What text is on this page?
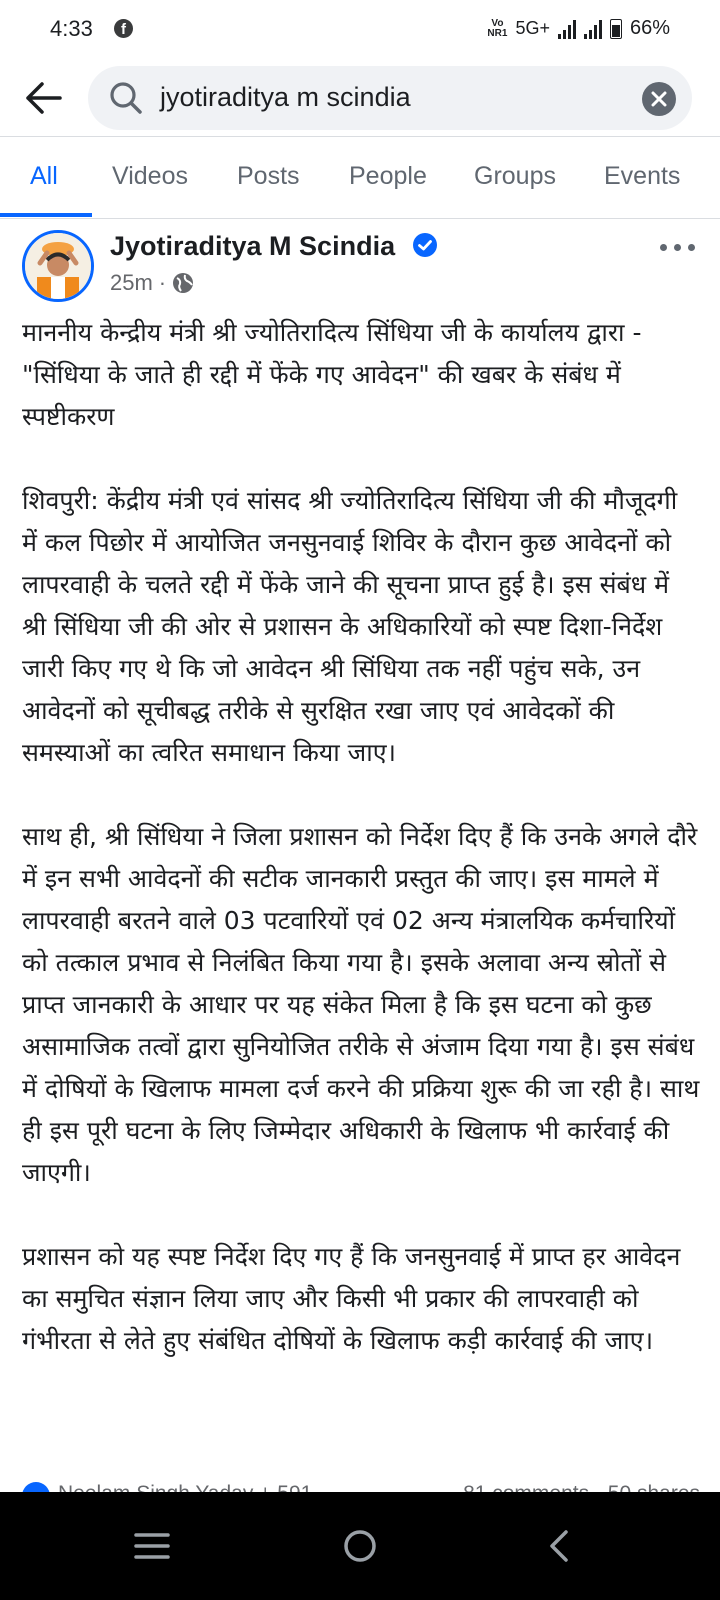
4:33	f	Vo
NR1 5G+	66%
jyotiraditya m scindia
All Videos Posts People Groups Events
Jyotiraditya M Scindia
25m ·

माननीय केन्द्रीय मंत्री श्री ज्योतिरादित्य सिंधिया जी के कार्यालय द्वारा - "सिंधिया के जाते ही रद्दी में फेंके गए आवेदन" की खबर के संबंध में स्पष्टीकरण

शिवपुरी: केंद्रीय मंत्री एवं सांसद श्री ज्योतिरादित्य सिंधिया जी की मौजूदगी में कल पिछोर में आयोजित जनसुनवाई शिविर के दौरान कुछ आवेदनों को लापरवाही के चलते रद्दी में फेंके जाने की सूचना प्राप्त हुई है। इस संबंध में श्री सिंधिया जी की ओर से प्रशासन के अधिकारियों को स्पष्ट दिशा-निर्देश जारी किए गए थे कि जो आवेदन श्री सिंधिया तक नहीं पहुंच सके, उन आवेदनों को सूचीबद्ध तरीके से सुरक्षित रखा जाए एवं आवेदकों की समस्याओं का त्वरित समाधान किया जाए।

साथ ही, श्री सिंधिया ने जिला प्रशासन को निर्देश दिए हैं कि उनके अगले दौरे में इन सभी आवेदनों की सटीक जानकारी प्रस्तुत की जाए। इस मामले में लापरवाही बरतने वाले 03 पटवारियों एवं 02 अन्य मंत्रालयिक कर्मचारियों को तत्काल प्रभाव से निलंबित किया गया है। इसके अलावा अन्य स्रोतों से प्राप्त जानकारी के आधार पर यह संकेत मिला है कि इस घटना को कुछ असामाजिक तत्वों द्वारा सुनियोजित तरीके से अंजाम दिया गया है। इस संबंध में दोषियों के खिलाफ मामला दर्ज करने की प्रक्रिया शुरू की जा रही है। साथ ही इस पूरी घटना के लिए जिम्मेदार अधिकारी के खिलाफ भी कार्रवाई की जाएगी।

प्रशासन को यह स्पष्ट निर्देश दिए गए हैं कि जनसुनवाई में प्राप्त हर आवेदन का समुचित संज्ञान लिया जाए और किसी भी प्रकार की लापरवाही को गंभीरता से लेते हुए संबंधित दोषियों के खिलाफ कड़ी कार्रवाई की जाए।
